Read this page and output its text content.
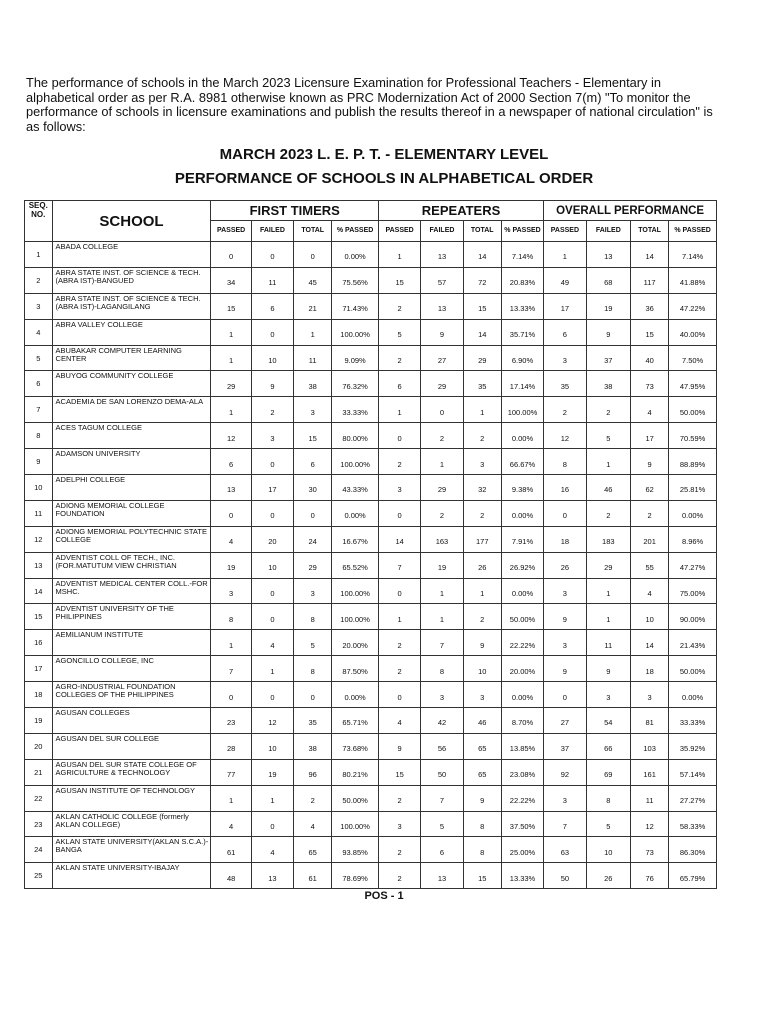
The performance of schools in the March 2023 Licensure Examination for Professional Teachers - Elementary in alphabetical order as per R.A. 8981 otherwise known as PRC Modernization Act of 2000 Section 7(m) "To monitor the performance of schools in licensure examinations and publish the results thereof in a newspaper of national circulation" is as follows:

MARCH 2023 L. E. P. T. - ELEMENTARY LEVEL

PERFORMANCE OF SCHOOLS IN ALPHABETICAL ORDER

SEQ. NO.	SCHOOL	FIRST TIMERS				REPEATERS				OVERALL PERFORMANCE			
		PASSED	FAILED	TOTAL	% PASSED	PASSED	FAILED	TOTAL	% PASSED	PASSED	FAILED	TOTAL	% PASSED
1	ABADA COLLEGE	0	0	0	0.00%	1	13	14	7.14%	1	13	14	7.14%
2	ABRA STATE INST. OF SCIENCE & TECH.(ABRA IST)-BANGUED	34	11	45	75.56%	15	57	72	20.83%	49	68	117	41.88%
3	ABRA STATE INST. OF SCIENCE & TECH.(ABRA IST)-LAGANGILANG	15	6	21	71.43%	2	13	15	13.33%	17	19	36	47.22%
4	ABRA VALLEY COLLEGE	1	0	1	100.00%	5	9	14	35.71%	6	9	15	40.00%
5	ABUBAKAR COMPUTER LEARNING CENTER	1	10	11	9.09%	2	27	29	6.90%	3	37	40	7.50%
6	ABUYOG COMMUNITY COLLEGE	29	9	38	76.32%	6	29	35	17.14%	35	38	73	47.95%
7	ACADEMIA DE SAN LORENZO DEMA-ALA	1	2	3	33.33%	1	0	1	100.00%	2	2	4	50.00%
8	ACES TAGUM COLLEGE	12	3	15	80.00%	0	2	2	0.00%	12	5	17	70.59%
9	ADAMSON UNIVERSITY	6	0	6	100.00%	2	1	3	66.67%	8	1	9	88.89%
10	ADELPHI COLLEGE	13	17	30	43.33%	3	29	32	9.38%	16	46	62	25.81%
11	ADIONG MEMORIAL COLLEGE FOUNDATION	0	0	0	0.00%	0	2	2	0.00%	0	2	2	0.00%
12	ADIONG MEMORIAL POLYTECHNIC STATE COLLEGE	4	20	24	16.67%	14	163	177	7.91%	18	183	201	8.96%
13	ADVENTIST COLL OF TECH., INC.(FOR.MATUTUM VIEW CHRISTIAN	19	10	29	65.52%	7	19	26	26.92%	26	29	55	47.27%
14	ADVENTIST MEDICAL CENTER COLL.-FOR MSHC.	3	0	3	100.00%	0	1	1	0.00%	3	1	4	75.00%
15	ADVENTIST UNIVERSITY OF THE PHILIPPINES	8	0	8	100.00%	1	1	2	50.00%	9	1	10	90.00%
16	AEMILIANUM INSTITUTE	1	4	5	20.00%	2	7	9	22.22%	3	11	14	21.43%
17	AGONCILLO COLLEGE, INC	7	1	8	87.50%	2	8	10	20.00%	9	9	18	50.00%
18	AGRO-INDUSTRIAL FOUNDATION COLLEGES OF THE PHILIPPINES	0	0	0	0.00%	0	3	3	0.00%	0	3	3	0.00%
19	AGUSAN COLLEGES	23	12	35	65.71%	4	42	46	8.70%	27	54	81	33.33%
20	AGUSAN DEL SUR COLLEGE	28	10	38	73.68%	9	56	65	13.85%	37	66	103	35.92%
21	AGUSAN DEL SUR STATE COLLEGE OF AGRICULTURE & TECHNOLOGY	77	19	96	80.21%	15	50	65	23.08%	92	69	161	57.14%
22	AGUSAN INSTITUTE OF TECHNOLOGY	1	1	2	50.00%	2	7	9	22.22%	3	8	11	27.27%
23	AKLAN CATHOLIC COLLEGE (formerly AKLAN COLLEGE)	4	0	4	100.00%	3	5	8	37.50%	7	5	12	58.33%
24	AKLAN STATE UNIVERSITY(AKLAN S.C.A.)-BANGA	61	4	65	93.85%	2	6	8	25.00%	63	10	73	86.30%
25	AKLAN STATE UNIVERSITY-IBAJAY	48	13	61	78.69%	2	13	15	13.33%	50	26	76	65.79%

POS - 1
